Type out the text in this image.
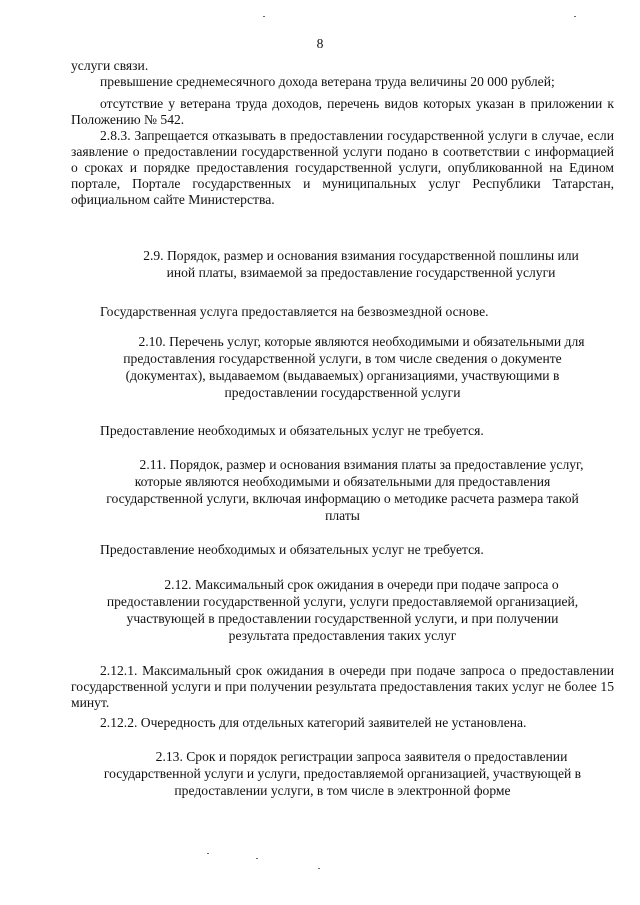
8
услуги связи.
превышение среднемесячного дохода ветерана труда величины 20 000 рублей;
отсутствие у ветерана труда доходов, перечень видов которых указан в приложении к Положению № 542.
2.8.3. Запрещается отказывать в предоставлении государственной услуги в случае, если заявление о предоставлении государственной услуги подано в соответствии с информацией о сроках и порядке предоставления государственной услуги, опубликованной на Едином портале, Портале государственных и муниципальных услуг Республики Татарстан, официальном сайте Министерства.
2.9. Порядок, размер и основания взимания государственной пошлины или
иной платы, взимаемой за предоставление государственной услуги
Государственная услуга предоставляется на безвозмездной основе.
2.10. Перечень услуг, которые являются необходимыми и обязательными для
предоставления государственной услуги, в том числе сведения о документе
(документах), выдаваемом (выдаваемых) организациями, участвующими в
предоставлении государственной услуги
Предоставление необходимых и обязательных услуг не требуется.
2.11. Порядок, размер и основания взимания платы за предоставление услуг,
которые являются необходимыми и обязательными для предоставления
государственной услуги, включая информацию о методике расчета размера такой
платы
Предоставление необходимых и обязательных услуг не требуется.
2.12. Максимальный срок ожидания в очереди при подаче запроса о
предоставлении государственной услуги, услуги предоставляемой организацией,
участвующей в предоставлении государственной услуги, и при получении
результата предоставления таких услуг
2.12.1. Максимальный срок ожидания в очереди при подаче запроса о предоставлении государственной услуги и при получении результата предоставления таких услуг не более 15 минут.
2.12.2. Очередность для отдельных категорий заявителей не установлена.
2.13. Срок и порядок регистрации запроса заявителя о предоставлении
государственной услуги и услуги, предоставляемой организацией, участвующей в
предоставлении услуги, в том числе в электронной форме
